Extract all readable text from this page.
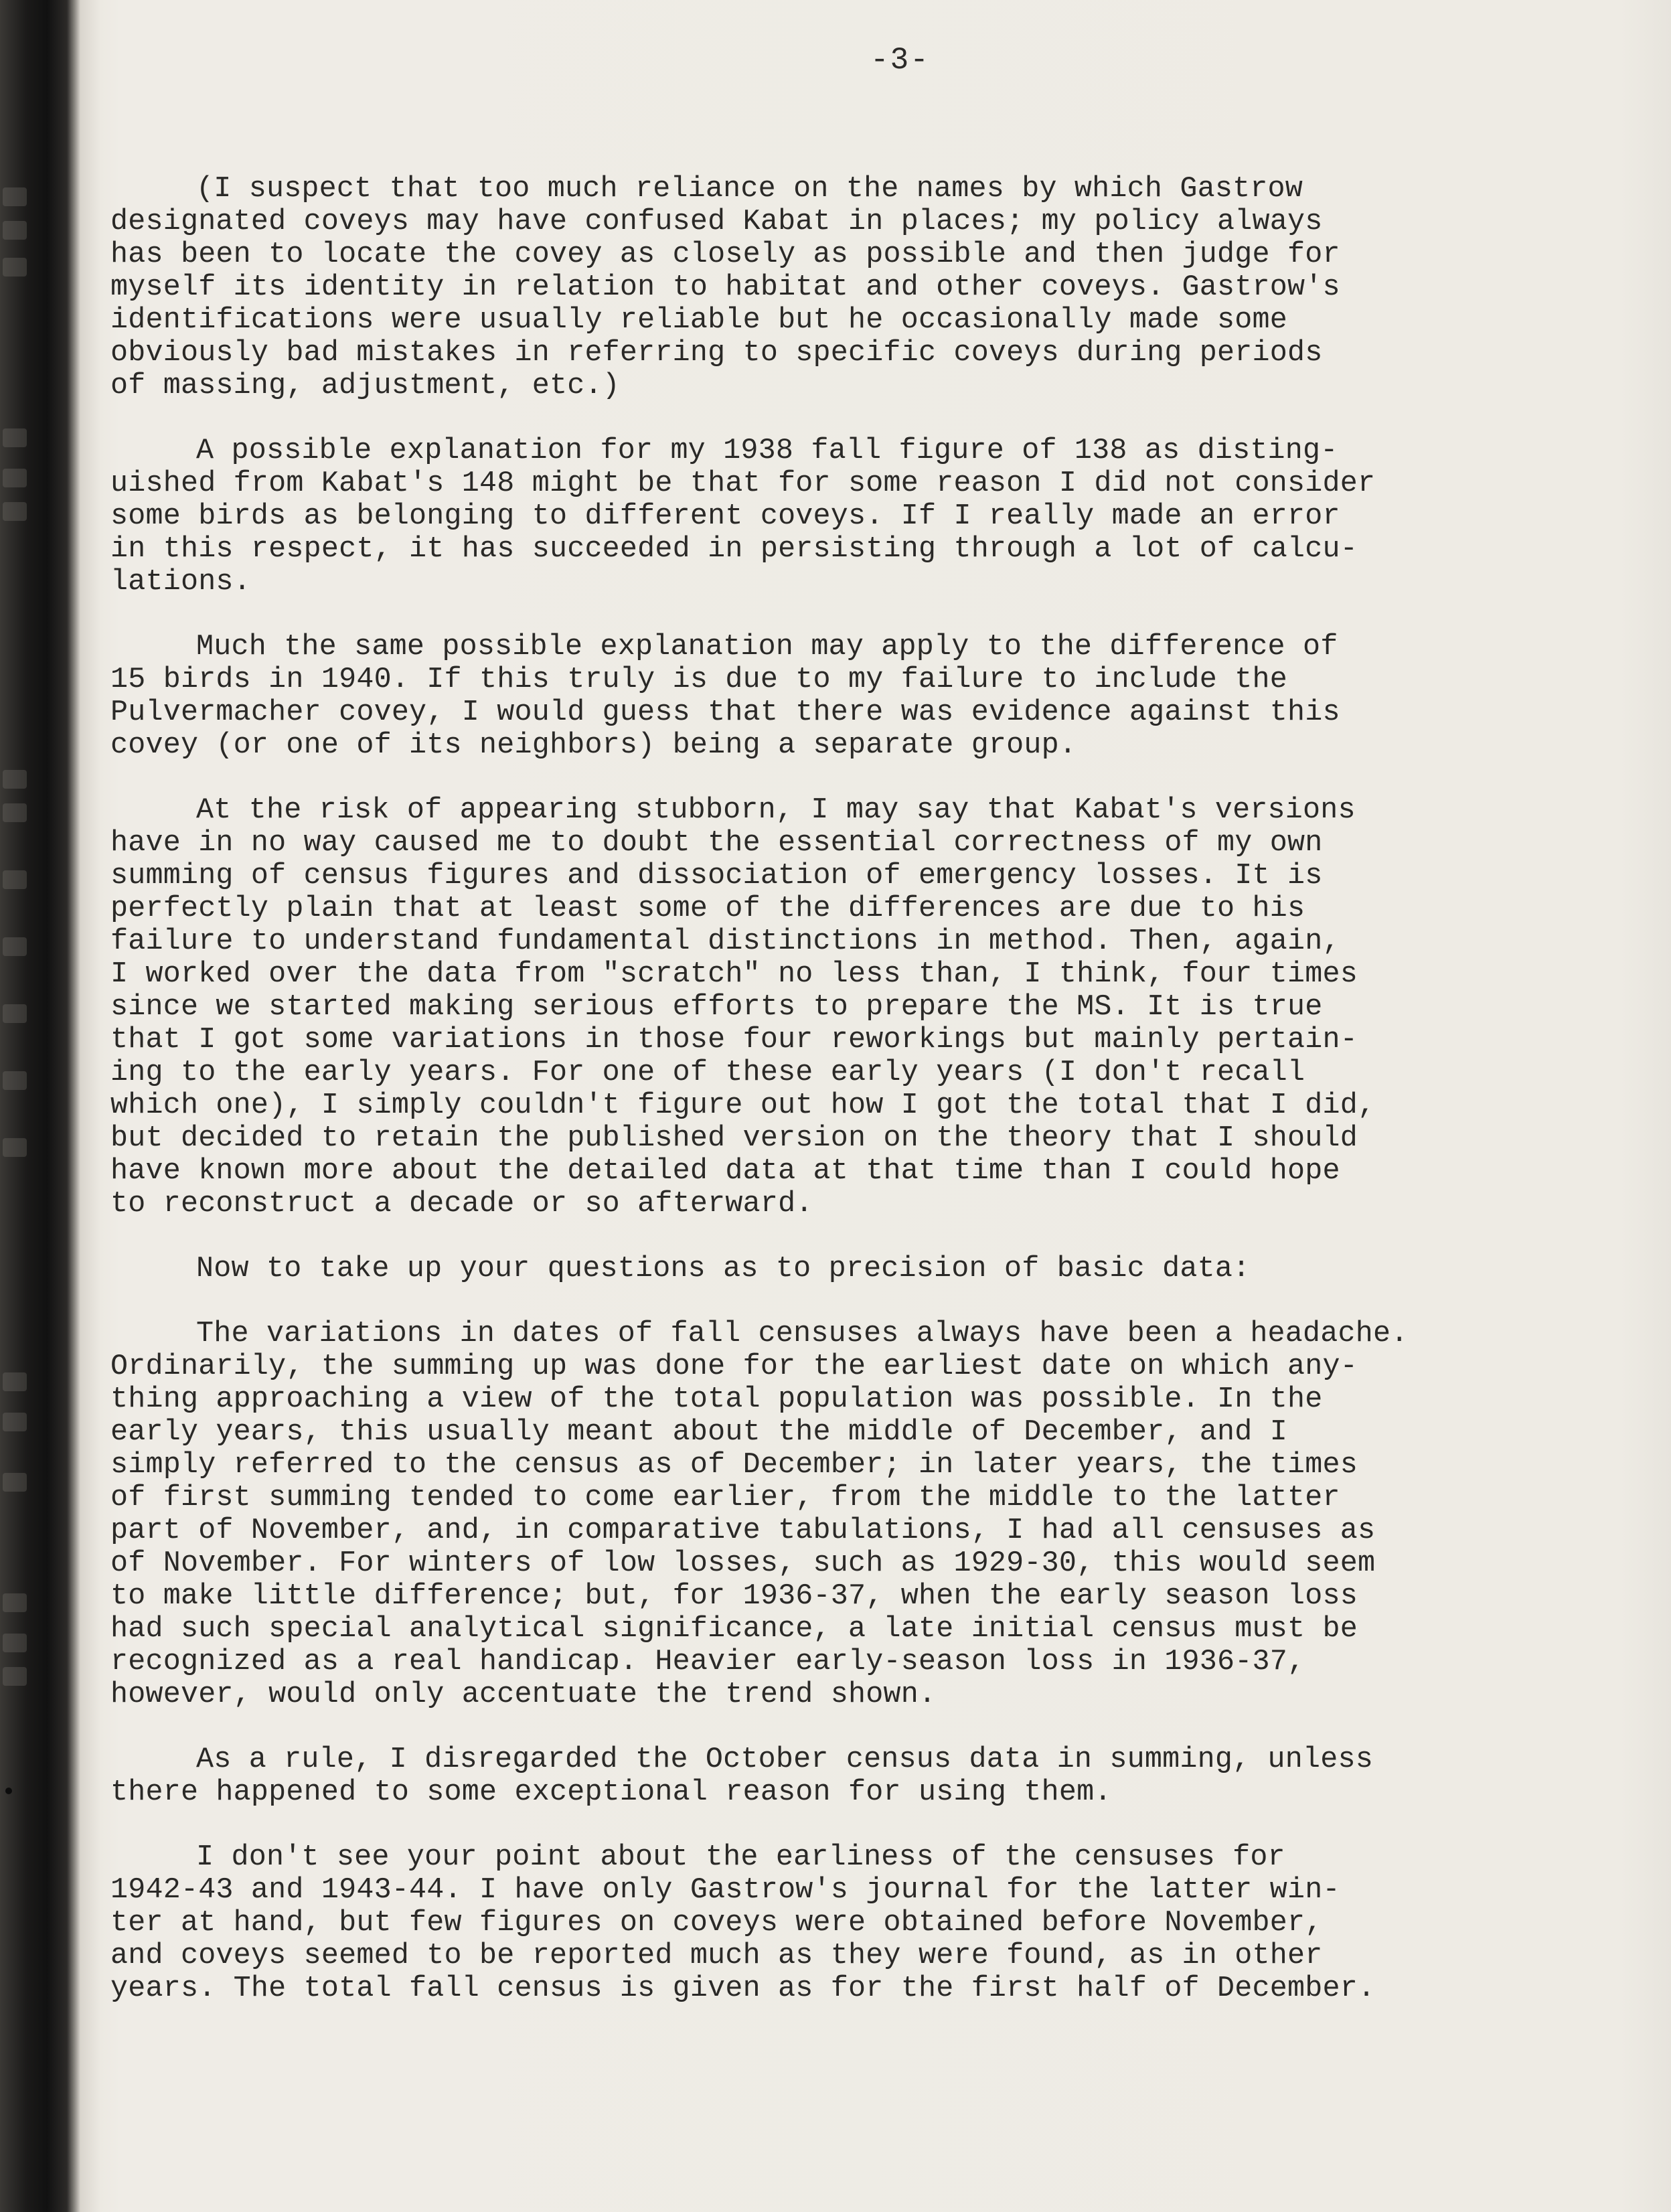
-3-
(I suspect that too much reliance on the names by which Gastrow
designated coveys may have confused Kabat in places; my policy always
has been to locate the covey as closely as possible and then judge for
myself its identity in relation to habitat and other coveys. Gastrow's
identifications were usually reliable but he occasionally made some
obviously bad mistakes in referring to specific coveys during periods
of massing, adjustment, etc.)
A possible explanation for my 1938 fall figure of 138 as disting-
uished from Kabat's 148 might be that for some reason I did not consider
some birds as belonging to different coveys. If I really made an error
in this respect, it has succeeded in persisting through a lot of calcu-
lations.
Much the same possible explanation may apply to the difference of
15 birds in 1940. If this truly is due to my failure to include the
Pulvermacher covey, I would guess that there was evidence against this
covey (or one of its neighbors) being a separate group.
At the risk of appearing stubborn, I may say that Kabat's versions
have in no way caused me to doubt the essential correctness of my own
summing of census figures and dissociation of emergency losses. It is
perfectly plain that at least some of the differences are due to his
failure to understand fundamental distinctions in method. Then, again,
I worked over the data from "scratch" no less than, I think, four times
since we started making serious efforts to prepare the MS. It is true
that I got some variations in those four reworkings but mainly pertain-
ing to the early years. For one of these early years (I don't recall
which one), I simply couldn't figure out how I got the total that I did,
but decided to retain the published version on the theory that I should
have known more about the detailed data at that time than I could hope
to reconstruct a decade or so afterward.
Now to take up your questions as to precision of basic data:
The variations in dates of fall censuses always have been a headache.
Ordinarily, the summing up was done for the earliest date on which any-
thing approaching a view of the total population was possible. In the
early years, this usually meant about the middle of December, and I
simply referred to the census as of December; in later years, the times
of first summing tended to come earlier, from the middle to the latter
part of November, and, in comparative tabulations, I had all censuses as
of November. For winters of low losses, such as 1929-30, this would seem
to make little difference; but, for 1936-37, when the early season loss
had such special analytical significance, a late initial census must be
recognized as a real handicap. Heavier early-season loss in 1936-37,
however, would only accentuate the trend shown.
As a rule, I disregarded the October census data in summing, unless
there happened to some exceptional reason for using them.
I don't see your point about the earliness of the censuses for
1942-43 and 1943-44. I have only Gastrow's journal for the latter win-
ter at hand, but few figures on coveys were obtained before November,
and coveys seemed to be reported much as they were found, as in other
years. The total fall census is given as for the first half of December.
